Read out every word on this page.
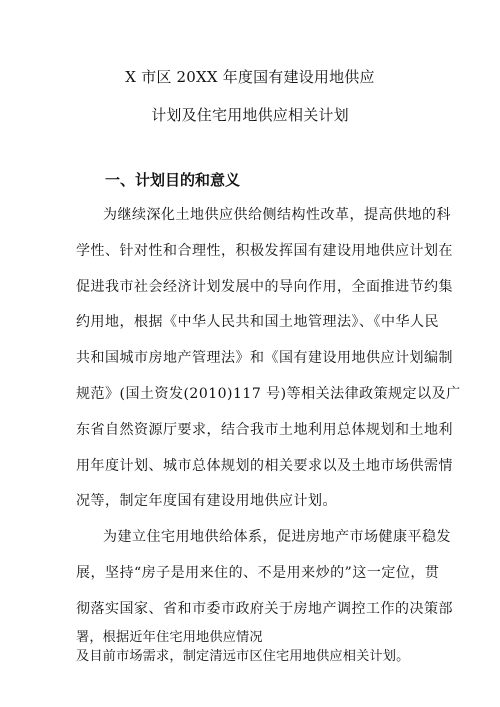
X 市区 20XX 年度国有建设用地供应
计划及住宅用地供应相关计划
一、计划目的和意义
为继续深化土地供应供给侧结构性改革，提高供地的科
学性、针对性和合理性，积极发挥国有建设用地供应计划在
促进我市社会经济计划发展中的导向作用，全面推进节约集
约用地，根据《中华人民共和国土地管理法》、《中华人民
共和国城市房地产管理法》和《国有建设用地供应计划编制
规范》(国土资发(2010)117 号)等相关法律政策规定以及广
东省自然资源厅要求，结合我市土地利用总体规划和土地利
用年度计划、城市总体规划的相关要求以及土地市场供需情
况等，制定年度国有建设用地供应计划。
为建立住宅用地供给体系，促进房地产市场健康平稳发
展，坚持“房子是用来住的、不是用来炒的”这一定位，贯
彻落实国家、省和市委市政府关于房地产调控工作的决策部
署，根据近年住宅用地供应情况
及目前市场需求，制定清远市区住宅用地供应相关计划。
